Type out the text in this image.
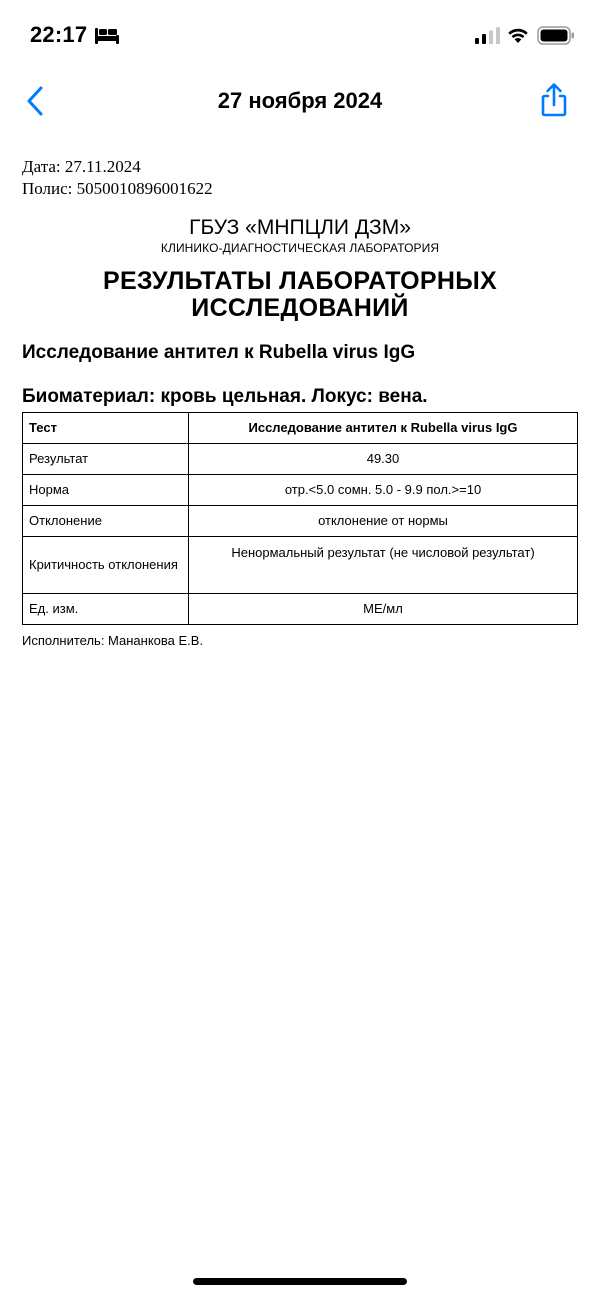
22:17
27 ноября 2024

Дата: 27.11.2024

Полис: 5050010896001622

ГБУЗ «МНПЦЛИ ДЗМ»
КЛИНИКО-ДИАГНОСТИЧЕСКАЯ ЛАБОРАТОРИЯ
РЕЗУЛЬТАТЫ ЛАБОРАТОРНЫХ
ИССЛЕДОВАНИЙ
Исследование антител к Rubella virus IgG
Биоматериал: кровь цельная. Локус: вена.
Тест	Исследование антител к Rubella virus IgG
Результат	49.30
Норма	отр.<5.0 сомн. 5.0 - 9.9 пол.>=10
Отклонение	отклонение от нормы
Критичность отклонения	Ненормальный результат (не числовой результат)
Ед. изм.	МЕ/мл
Исполнитель: Мананкова Е.В.
